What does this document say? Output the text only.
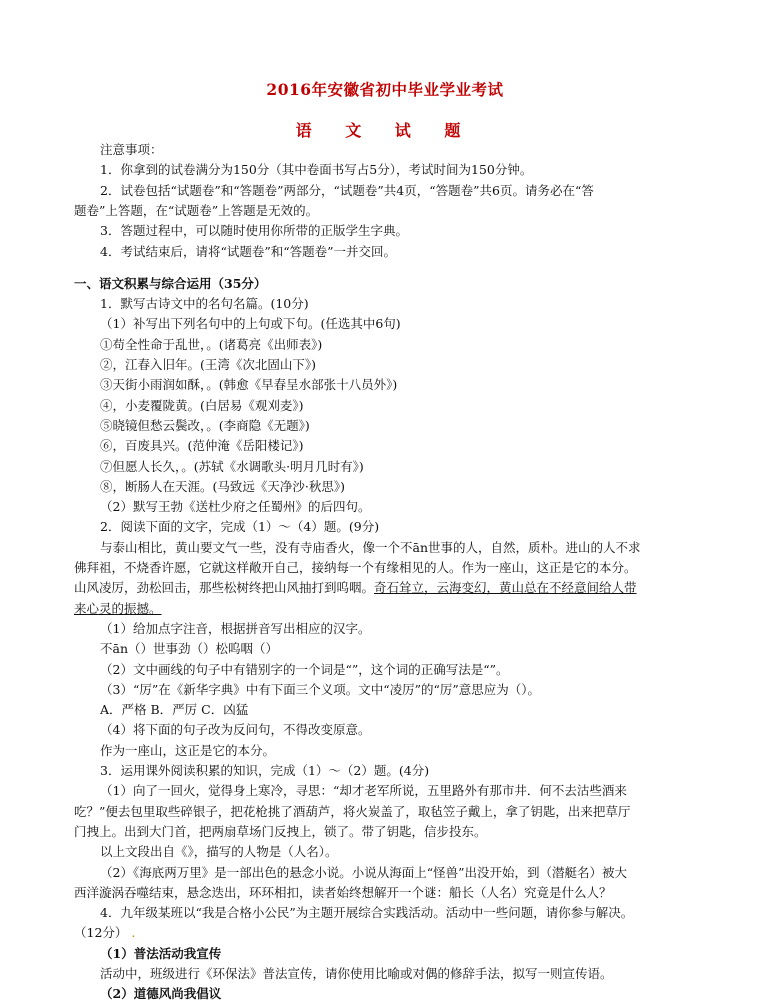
2016年安徽省初中毕业学业考试
语 文 试 题
注意事项：
1．你拿到的试卷满分为150分（其中卷面书写占5分），考试时间为150分钟。
2．试卷包括“试题卷”和“答题卷”两部分，“试题卷”共4页，“答题卷”共6页。请务必在“答
题卷”上答题，在“试题卷”上答题是无效的。
3．答题过程中，可以随时使用你所带的正版学生字典。
4．考试结束后，请将“试题卷”和“答题卷”一并交回。
一、语文积累与综合运用（35分）
1．默写古诗文中的名句名篇。(10分)
（1）补写出下列名句中的上句或下句。(任选其中6句)
①苟全性命于乱世，。(诸葛亮《出师表》)
②，江春入旧年。(王湾《次北固山下》)
③天街小雨润如酥，。(韩愈《早春呈水部张十八员外》)
④，小麦覆陇黄。(白居易《观刈麦》)
⑤晓镜但愁云鬓改，。(李商隐《无题》)
⑥，百废具兴。(范仲淹《岳阳楼记》)
⑦但愿人长久，。(苏轼《水调歌头·明月几时有》)
⑧，断肠人在天涯。(马致远《天净沙·秋思》)
（2）默写王勃《送杜少府之任蜀州》的后四句。
2．阅读下面的文字，完成（1）～（4）题。(9分)
与泰山相比，黄山要文气一些，没有寺庙香火，像一个不ān世事的人，自然，质朴。进山的人不求
佛拜祖，不烧香许愿，它就这样敞开自己，接纳每一个有缘相见的人。作为一座山，这正是它的本分。
山风凌厉，劲松回击，那些松树终把山风抽打到呜咽。奇石耸立，云海变幻，黄山总在不经意间给人带
来心灵的振撼。
（1）给加点字注音，根据拼音写出相应的汉字。
不ān（）世事劲（）松呜咽（）
（2）文中画线的句子中有错别字的一个词是“”，这个词的正确写法是“”。
（3）“厉”在《新华字典》中有下面三个义项。文中“凌厉”的“厉”意思应为（）。
A．严格 B．严厉 C．凶猛
（4）将下面的句子改为反问句，不得改变原意。
作为一座山，这正是它的本分。
3．运用课外阅读积累的知识，完成（1）～（2）题。(4分)
（1）向了一回火，觉得身上寒冷，寻思：“却才老军所说，五里路外有那市井．何不去沽些酒来
吃？”便去包里取些碎银子，把花枪挑了酒葫芦，将火炭盖了，取毡笠子戴上，拿了钥匙，出来把草厅
门拽上。出到大门首，把两扇草场门反拽上，锁了。带了钥匙，信步投东。
以上文段出自《》，描写的人物是（人名）。
（2）《海底两万里》是一部出色的悬念小说。小说从海面上“怪兽”出没开始，到（潜艇名）被大
西洋漩涡吞噬结束，悬念迭出，环环相扣，读者始终想解开一个谜：船长（人名）究竟是什么人？
4．九年级某班以“我是合格小公民”为主题开展综合实践活动。活动中一些问题，请你参与解决。
（12分） .
（1）普法活动我宣传
活动中，班级进行《环保法》普法宣传，请你使用比喻或对偶的修辞手法，拟写一则宣传语。
（2）道德风尚我倡议
